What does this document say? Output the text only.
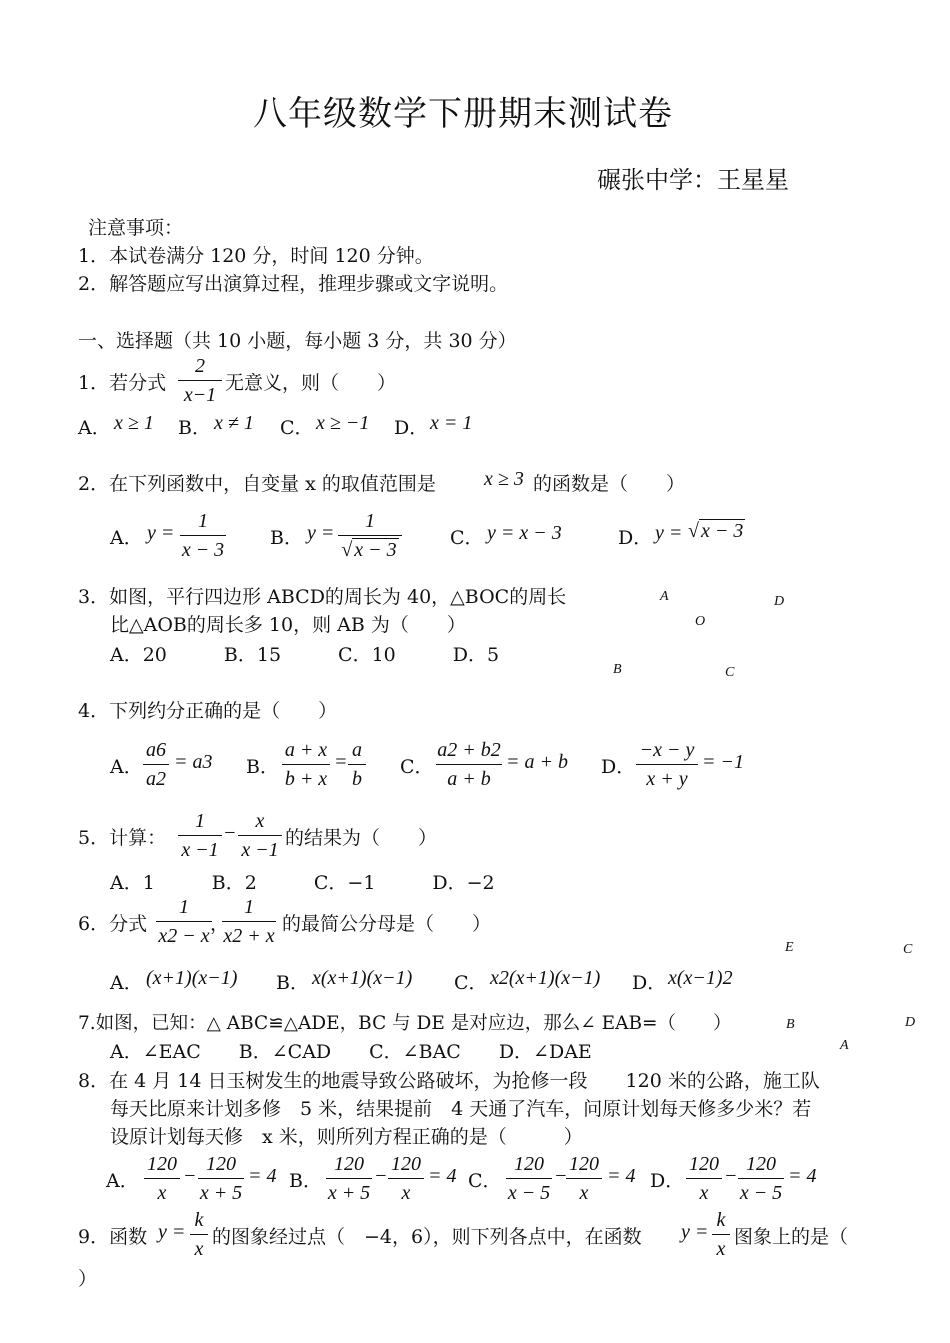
八年级数学下册期末测试卷
碾张中学：王星星
注意事项：
1．本试卷满分 120 分，时间 120 分钟。
2．解答题应写出演算过程，推理步骤或文字说明。
一、选择题（共 10 小题，每小题 3 分，共 30 分）
1．若分式
2
x−1
无意义，则（　　）
A． x ≥ 1 B． x ≠ 1 C． x ≥ −1 D． x = 1
2．在下列函数中，自变量 x 的取值范围是 x ≥ 3 的函数是（　　）
A． y =
1
x − 3
B． y =
1
√ x − 3
C． y = x − 3	D． y = √ x − 3
3．如图，平行四边形 ABCD的周长为 40，△BOC的周长
比△AOB的周长多 10，则 AB 为（　　）
A．20　　　B．15　　　C．10　　　D．5
A	D
O
B	C
4．下列约分正确的是（　　）
A．
a6
a2
= a3 B．
a + x
b + x
=
a
b
C．
a2 + b2
a + b
= a + b D．
−x − y
x + y
= −1
5．计算：
1
x −1
−
x
x −1
的结果为（　　）
A．1　　　B．2　　　C．−1　　　D．−2
6．分式
1
x2 − x
，
1
x2 + x
的最简公分母是（　　）
A． (x+1)(x−1) B． x(x+1)(x−1) C． x2(x+1)(x−1) D． x(x−1)2
E	C
B	D
A
7.如图，已知：△ ABC≌△ADE，BC 与 DE 是对应边，那么∠ EAB=（　　）
A．∠EAC　　B．∠CAD　　C．∠BAC　　D．∠DAE
8．在 4 月 14 日玉树发生的地震导致公路破坏，为抢修一段　　120 米的公路，施工队
每天比原来计划多修　5 米，结果提前　4 天通了汽车，问原计划每天修多少米？若
设原计划每天修　x 米，则所列方程正确的是（　　　）
A．
120
x
−
120
x + 5
= 4 B．
120
x + 5
−
120
x
= 4 C．
120
x − 5
−
120
x
= 4 D．
120
x
−
120
x − 5
= 4
9．函数 y =
k
x
的图象经过点（　−4，6），则下列各点中，在函数 y =
k
x
图象上的是（
）
